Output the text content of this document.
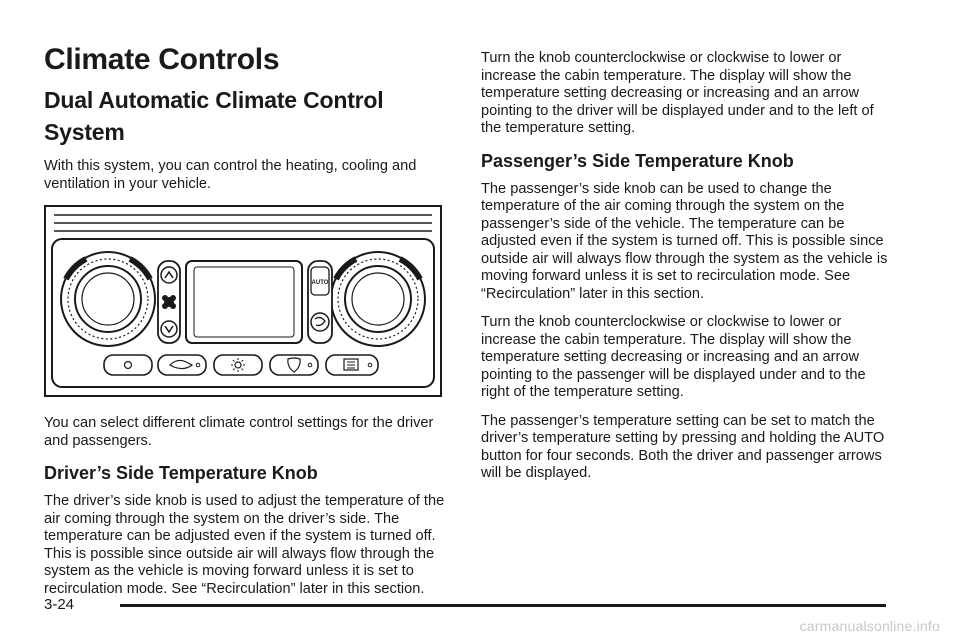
Climate Controls
Dual Automatic Climate Control System

With this system, you can control the heating, cooling and ventilation in your vehicle.

AUTO

You can select different climate control settings for the driver and passengers.

Driver’s Side Temperature Knob

The driver’s side knob is used to adjust the temperature of the air coming through the system on the driver’s side. The temperature can be adjusted even if the system is turned off. This is possible since outside air will always flow through the system as the vehicle is moving forward unless it is set to recirculation mode. See “Recirculation” later in this section.

Turn the knob counterclockwise or clockwise to lower or increase the cabin temperature. The display will show the temperature setting decreasing or increasing and an arrow pointing to the driver will be displayed under and to the left of the temperature setting.

Passenger’s Side Temperature Knob

The passenger’s side knob can be used to change the temperature of the air coming through the system on the passenger’s side of the vehicle. The temperature can be adjusted even if the system is turned off. This is possible since outside air will always flow through the system as the vehicle is moving forward unless it is set to recirculation mode. See “Recirculation” later in this section.

Turn the knob counterclockwise or clockwise to lower or increase the cabin temperature. The display will show the temperature setting decreasing or increasing and an arrow pointing to the passenger will be displayed under and to the right of the temperature setting.

The passenger’s temperature setting can be set to match the driver’s temperature setting by pressing and holding the AUTO button for four seconds. Both the driver and passenger arrows will be displayed.

3-24
carmanualsonline.info
